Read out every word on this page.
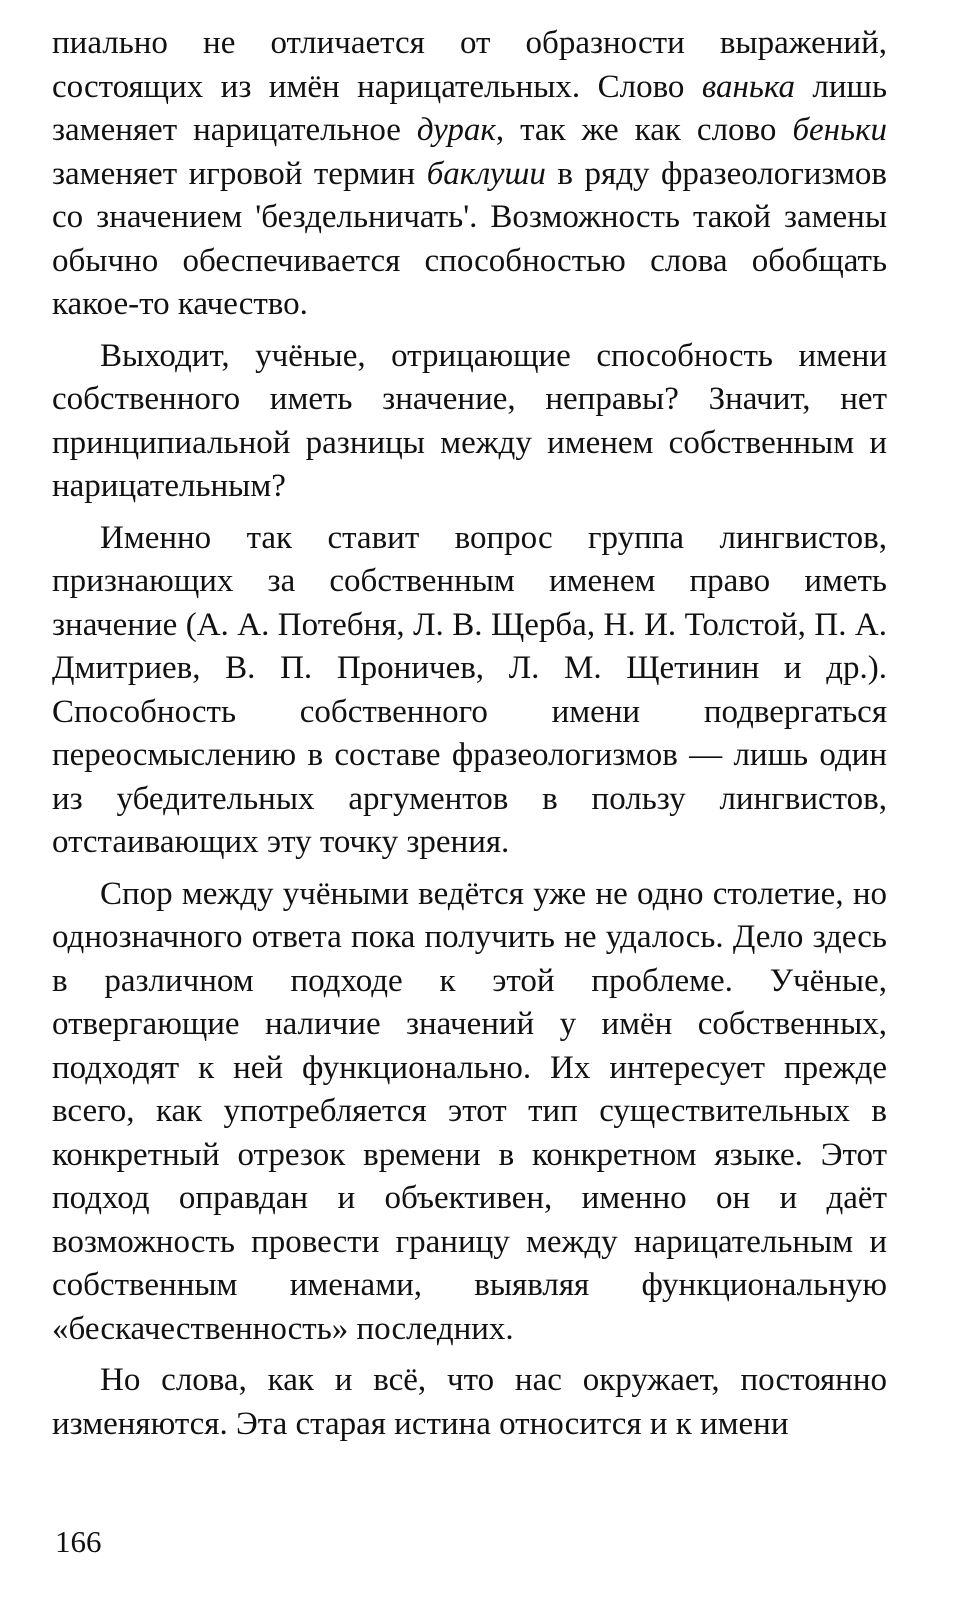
пиально не отличается от образности выражений, состоящих из имён нарицательных. Слово ванька лишь заменяет нарицательное дурак, так же как слово беньки заменяет игровой термин баклуши в ряду фразеологизмов со значением 'бездельничать'. Возможность такой замены обычно обеспечивается способностью слова обобщать какое-то качество.

Выходит, учёные, отрицающие способность имени собственного иметь значение, неправы? Значит, нет принципиальной разницы между именем собственным и нарицательным?

Именно так ставит вопрос группа лингвистов, признающих за собственным именем право иметь значение (А. А. Потебня, Л. В. Щерба, Н. И. Толстой, П. А. Дмитриев, В. П. Проничев, Л. М. Щетинин и др.). Способность собственного имени подвергаться переосмыслению в составе фразеологизмов — лишь один из убедительных аргументов в пользу лингвистов, отстаивающих эту точку зрения.

Спор между учёными ведётся уже не одно столетие, но однозначного ответа пока получить не удалось. Дело здесь в различном подходе к этой проблеме. Учёные, отвергающие наличие значений у имён собственных, подходят к ней функционально. Их интересует прежде всего, как употребляется этот тип существительных в конкретный отрезок времени в конкретном языке. Этот подход оправдан и объективен, именно он и даёт возможность провести границу между нарицательным и собственным именами, выявляя функциональную «бескачественность» последних.

Но слова, как и всё, что нас окружает, постоянно изменяются. Эта старая истина относится и к имени

166
